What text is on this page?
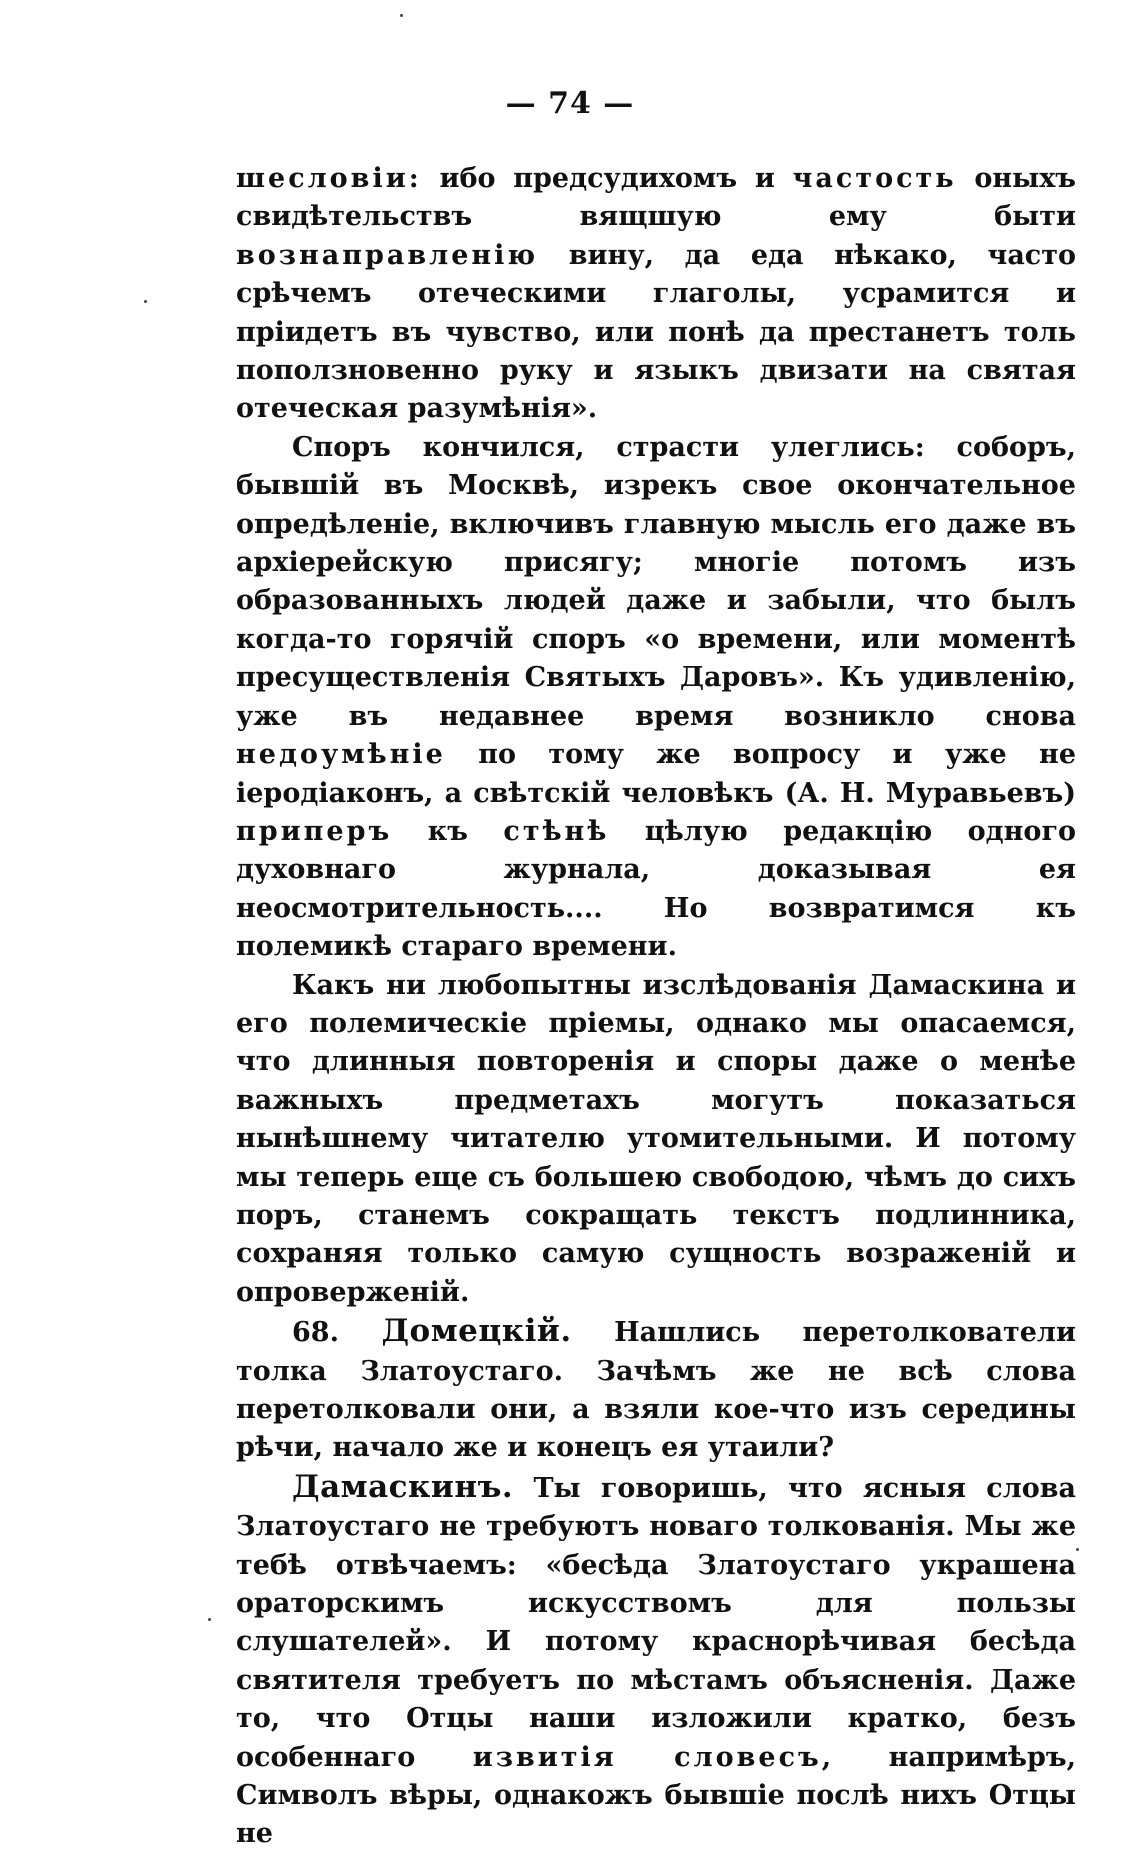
— 74 —

шесловіи: ибо предсудихомъ и частость оныхъ свидѣтельствъ вящшую ему быти вознаправленію вину, да еда нѣкако, часто срѣчемъ отеческими глаголы, усрамится и пріидетъ въ чувство, или понѣ да престанетъ толь поползновенно руку и языкъ двизати на святая отеческая разумѣнія».

Споръ кончился, страсти улеглись: соборъ, бывшій въ Москвѣ, изрекъ свое окончательное опредѣленіе, включивъ главную мысль его даже въ архіерейскую присягу; многіе потомъ изъ образованныхъ людей даже и забыли, что былъ когда-то горячій споръ «о времени, или моментѣ пресуществленія Святыхъ Даровъ». Къ удивленію, уже въ недавнее время возникло снова недоумѣніе по тому же вопросу и уже не іеродіаконъ, а свѣтскій человѣкъ (А. Н. Муравьевъ) приперъ къ стѣнѣ цѣлую редакцію одного духовнаго журнала, доказывая ея неосмотрительность.... Но возвратимся къ полемикѣ стараго времени.

Какъ ни любопытны изслѣдованія Дамаскина и его полемическіе пріемы, однако мы опасаемся, что длинныя повторенія и споры даже о менѣе важныхъ предметахъ могутъ показаться нынѣшнему читателю утомительными. И потому мы теперь еще съ большею свободою, чѣмъ до сихъ поръ, станемъ сокращать текстъ подлинника, сохраняя только самую сущность возраженій и опроверженій.

68. Домецкій. Нашлись перетолкователи толка Златоустаго. Зачѣмъ же не всѣ слова перетолковали они, а взяли кое-что изъ середины рѣчи, начало же и конецъ ея утаили?

Дамаскинъ. Ты говоришь, что ясныя слова Златоустаго не требуютъ новаго толкованія. Мы же тебѣ отвѣчаемъ: «бесѣда Златоустаго украшена ораторскимъ искусствомъ для пользы слушателей». И потому краснорѣчивая бесѣда святителя требуетъ по мѣстамъ объясненія. Даже то, что Отцы наши изложили кратко, безъ особеннаго извитія словесъ, напримѣръ, Символъ вѣры, однакожъ бывшіе послѣ нихъ Отцы не
